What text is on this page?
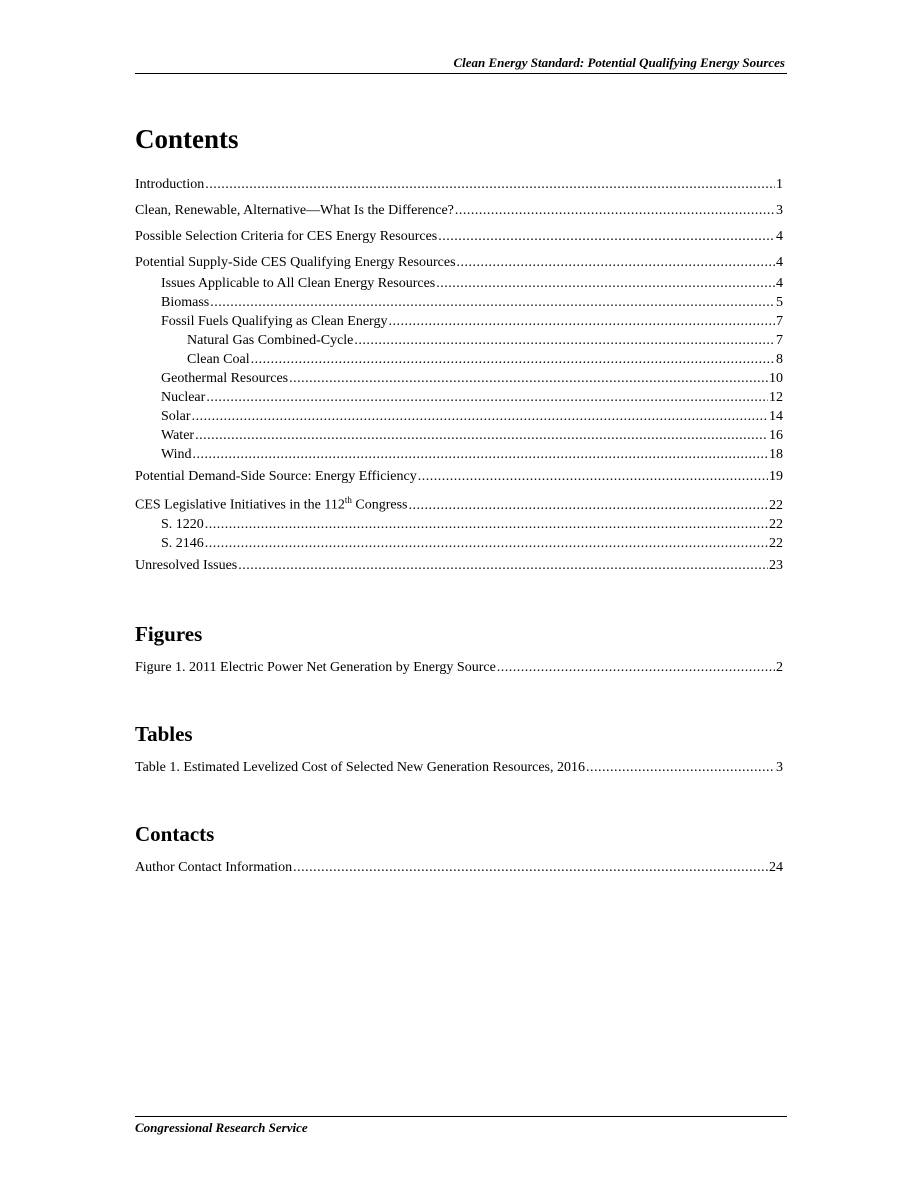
Clean Energy Standard: Potential Qualifying Energy Sources
Contents
Introduction .....	1
Clean, Renewable, Alternative—What Is the Difference? .....	3
Possible Selection Criteria for CES Energy Resources .....	4
Potential Supply-Side CES Qualifying Energy Resources .....	4
Issues Applicable to All Clean Energy Resources .....	4
Biomass .....	5
Fossil Fuels Qualifying as Clean Energy .....	7
Natural Gas Combined-Cycle .....	7
Clean Coal .....	8
Geothermal Resources .....	10
Nuclear .....	12
Solar .....	14
Water .....	16
Wind .....	18
Potential Demand-Side Source: Energy Efficiency .....	19
CES Legislative Initiatives in the 112th Congress .....	22
S. 1220 .....	22
S. 2146 .....	22
Unresolved Issues .....	23
Figures
Figure 1. 2011 Electric Power Net Generation by Energy Source .....	2
Tables
Table 1. Estimated Levelized Cost of Selected New Generation Resources, 2016 .....	3
Contacts
Author Contact Information .....	24
Congressional Research Service
